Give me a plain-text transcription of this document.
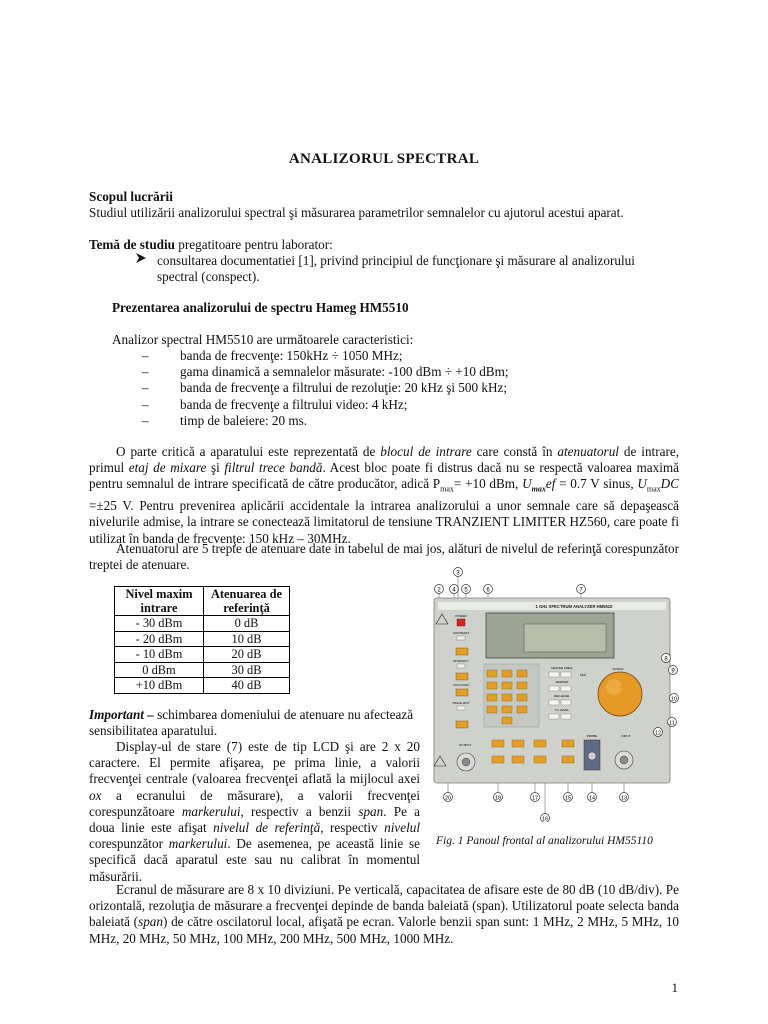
ANALIZORUL SPECTRAL
Scopul lucrării
Studiul utilizării analizorului spectral şi măsurarea parametrilor semnalelor cu ajutorul acestui aparat.
Temă de studiu pregatitoare pentru laborator:
consultarea documentatiei [1], privind principiul de funcţionare şi măsurare al analizorului
spectral (conspect).
Prezentarea analizorului de spectru Hameg HM5510
Analizor spectral HM5510 are următoarele caracteristici:
– banda de frecvenţe: 150kHz ÷ 1050 MHz;
– gama dinamică a semnalelor măsurate: -100 dBm ÷ +10 dBm;
– banda de frecvenţe a filtrului de rezoluţie: 20 kHz şi 500 kHz;
– banda de frecvenţe a filtrului video: 4 kHz;
– timp de baleiere: 20 ms.
O parte critică a aparatului este reprezentată de blocul de intrare care constă în atenuatorul de intrare, primul etaj de mixare şi filtrul trece bandă. Acest bloc poate fi distrus dacă nu se respectă valoarea maximă pentru semnalul de intrare specificată de către producător, adică $P_{max}= +10$ dBm, $U_{max}ef = 0.7$ V sinus, $U_{max}DC =\pm 25$ V. Pentru prevenirea aplicării accidentale la intrarea analizorului a unor semnale care să depaşească nivelurile admise, la intrare se conectează limitatorul de tensiune TRANZIENT LIMITER HZ560, care poate fi utilizat în banda de frecvenţe: 150 kHz – 30MHz.
Atenuatorul are 5 trepte de atenuare date in tabelul de mai jos, alături de nivelul de referinţă corespunzător treptei de atenuare.
Nivel maxim intrare	Atenuarea de referinţă
- 30 dBm	0 dB
- 20 dBm	10 dB
- 10 dBm	20 dB
0 dBm	30 dB
+10 dBm	40 dB
Important – schimbarea domeniului de atenuare nu afectează sensibilitatea aparatului.
Display-ul de stare (7) este de tip LCD şi are 2 x 20 caractere. El permite afişarea, pe prima linie, a valorii frecvenţei centrale (valoarea frecvenţei aflată la mijlocul axei ox a ecranului de măsurare), a valorii frecvenţei corespunzătoare markerului, respectiv a benzii span. Pe a doua linie este afişat nivelul de referinţă, respectiv nivelul corespunzător markerului. De asemenea, pe această linie se specifică dacă aparatul este sau nu calibrat în momentul măsurării.
Ecranul de măsurare are 8 x 10 diviziuni. Pe verticală, capacitatea de afisare este de 80 dB (10 dB/div). Pe orizontală, rezoluţia de măsurare a frecvenţei depinde de banda baleiată (span). Utilizatorul poate selecta banda baleiată (span) de către oscilatorul local, afişată pe ecran. Valorle benzii span sunt: 1 MHz, 2 MHz, 5 MHz, 10 MHz, 20 MHz, 50 MHz, 100 MHz, 200 MHz, 500 MHz, 1000 MHz.
3
2 4 5	6	7
1 GHz SPECTRUM ANALYZER HM5510
POWER
CONTRAST
INTENSITY
FOCUS/TR
TRACE ROT.
OUTPUT
CENTER FREQ.
MHz
MARKER
REF.LEVEL
TG LEVEL
TUNING
PROBE	INPUT
8
9
10
11
12
20	18	17
16
15	14	13
Fig. 1 Panoul frontal al analizorului HM55110
1
